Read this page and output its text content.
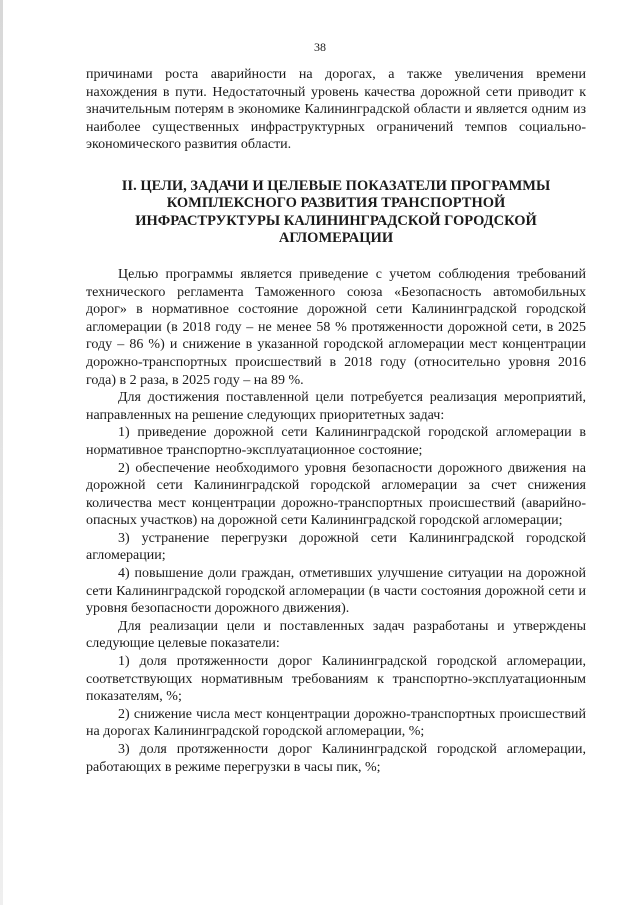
38

причинами роста аварийности на дорогах, а также увеличения времени нахождения в пути. Недостаточный уровень качества дорожной сети приводит к значительным потерям в экономике Калининградской области и является одним из наиболее существенных инфраструктурных ограничений темпов социально-экономического развития области.

II. ЦЕЛИ, ЗАДАЧИ И ЦЕЛЕВЫЕ ПОКАЗАТЕЛИ ПРОГРАММЫ КОМПЛЕКСНОГО РАЗВИТИЯ ТРАНСПОРТНОЙ ИНФРАСТРУКТУРЫ КАЛИНИНГРАДСКОЙ ГОРОДСКОЙ АГЛОМЕРАЦИИ

Целью программы является приведение с учетом соблюдения требований технического регламента Таможенного союза «Безопасность автомобильных дорог» в нормативное состояние дорожной сети Калининградской городской агломерации (в 2018 году – не менее 58 % протяженности дорожной сети, в 2025 году – 86 %) и снижение в указанной городской агломерации мест концентрации дорожно-транспортных происшествий в 2018 году (относительно уровня 2016 года) в 2 раза, в 2025 году – на 89 %.

Для достижения поставленной цели потребуется реализация мероприятий, направленных на решение следующих приоритетных задач:

1) приведение дорожной сети Калининградской городской агломерации в нормативное транспортно-эксплуатационное состояние;

2) обеспечение необходимого уровня безопасности дорожного движения на дорожной сети Калининградской городской агломерации за счет снижения количества мест концентрации дорожно-транспортных происшествий (аварийно-опасных участков) на дорожной сети Калининградской городской агломерации;

3) устранение перегрузки дорожной сети Калининградской городской агломерации;

4) повышение доли граждан, отметивших улучшение ситуации на дорожной сети Калининградской городской агломерации (в части состояния дорожной сети и уровня безопасности дорожного движения).

Для реализации цели и поставленных задач разработаны и утверждены следующие целевые показатели:

1) доля протяженности дорог Калининградской городской агломерации, соответствующих нормативным требованиям к транспортно-эксплуатационным показателям, %;

2) снижение числа мест концентрации дорожно-транспортных происшествий на дорогах Калининградской городской агломерации, %;

3) доля протяженности дорог Калининградской городской агломерации, работающих в режиме перегрузки в часы пик, %;
